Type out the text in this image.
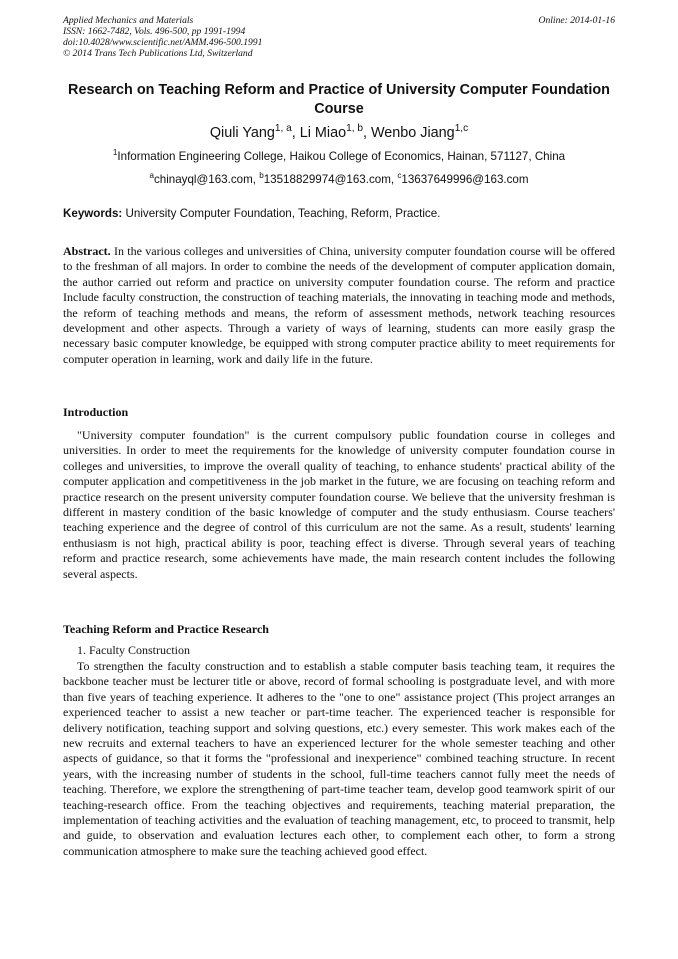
Applied Mechanics and Materials
ISSN: 1662-7482, Vols. 496-500, pp 1991-1994
doi:10.4028/www.scientific.net/AMM.496-500.1991
© 2014 Trans Tech Publications Ltd, Switzerland
Online: 2014-01-16
Research on Teaching Reform and Practice of University Computer Foundation Course
Qiuli Yang$^{1, a}$, Li Miao$^{1, b}$, Wenbo Jiang$^{1,c}$
$^1$Information Engineering College, Haikou College of Economics, Hainan, 571127, China
$^a$chinayql@163.com, $^b$13518829974@163.com, $^c$13637649996@163.com
Keywords: University Computer Foundation, Teaching, Reform, Practice.
Abstract. In the various colleges and universities of China, university computer foundation course will be offered to the freshman of all majors. In order to combine the needs of the development of computer application domain, the author carried out reform and practice on university computer foundation course. The reform and practice Include faculty construction, the construction of teaching materials, the innovating in teaching mode and methods, the reform of teaching methods and means, the reform of assessment methods, network teaching resources development and other aspects. Through a variety of ways of learning, students can more easily grasp the necessary basic computer knowledge, be equipped with strong computer practice ability to meet requirements for computer operation in learning, work and daily life in the future.
Introduction
"University computer foundation" is the current compulsory public foundation course in colleges and universities. In order to meet the requirements for the knowledge of university computer foundation course in colleges and universities, to improve the overall quality of teaching, to enhance students' practical ability of the computer application and competitiveness in the job market in the future, we are focusing on teaching reform and practice research on the present university computer foundation course. We believe that the university freshman is different in mastery condition of the basic knowledge of computer and the study enthusiasm. Course teachers' teaching experience and the degree of control of this curriculum are not the same. As a result, students' learning enthusiasm is not high, practical ability is poor, teaching effect is diverse. Through several years of teaching reform and practice research, some achievements have made, the main research content includes the following several aspects.
Teaching Reform and Practice Research
1. Faculty Construction
To strengthen the faculty construction and to establish a stable computer basis teaching team, it requires the backbone teacher must be lecturer title or above, record of formal schooling is postgraduate level, and with more than five years of teaching experience. It adheres to the "one to one" assistance project (This project arranges an experienced teacher to assist a new teacher or part-time teacher. The experienced teacher is responsible for delivery notification, teaching support and solving questions, etc.) every semester. This work makes each of the new recruits and external teachers to have an experienced lecturer for the whole semester teaching and other aspects of guidance, so that it forms the "professional and inexperience" combined teaching structure. In recent years, with the increasing number of students in the school, full-time teachers cannot fully meet the needs of teaching. Therefore, we explore the strengthening of part-time teacher team, develop good teamwork spirit of our teaching-research office. From the teaching objectives and requirements, teaching material preparation, the implementation of teaching activities and the evaluation of teaching management, etc, to proceed to transmit, help and guide, to observation and evaluation lectures each other, to complement each other, to form a strong communication atmosphere to make sure the teaching achieved good effect.
